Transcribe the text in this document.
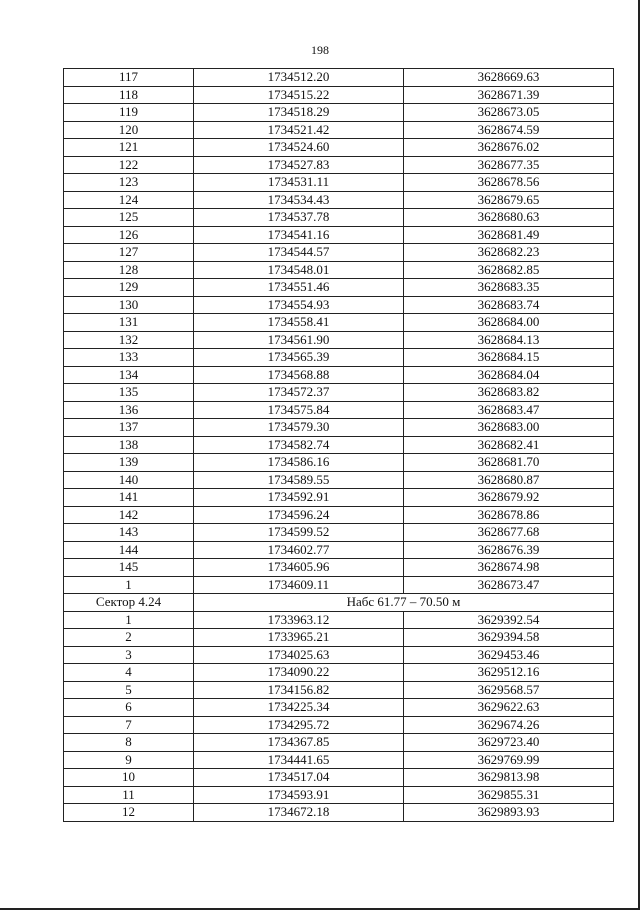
198
117	1734512.20	3628669.63
118	1734515.22	3628671.39
119	1734518.29	3628673.05
120	1734521.42	3628674.59
121	1734524.60	3628676.02
122	1734527.83	3628677.35
123	1734531.11	3628678.56
124	1734534.43	3628679.65
125	1734537.78	3628680.63
126	1734541.16	3628681.49
127	1734544.57	3628682.23
128	1734548.01	3628682.85
129	1734551.46	3628683.35
130	1734554.93	3628683.74
131	1734558.41	3628684.00
132	1734561.90	3628684.13
133	1734565.39	3628684.15
134	1734568.88	3628684.04
135	1734572.37	3628683.82
136	1734575.84	3628683.47
137	1734579.30	3628683.00
138	1734582.74	3628682.41
139	1734586.16	3628681.70
140	1734589.55	3628680.87
141	1734592.91	3628679.92
142	1734596.24	3628678.86
143	1734599.52	3628677.68
144	1734602.77	3628676.39
145	1734605.96	3628674.98
1	1734609.11	3628673.47
Сектор 4.24	Набс 61.77 – 70.50 м	
1	1733963.12	3629392.54
2	1733965.21	3629394.58
3	1734025.63	3629453.46
4	1734090.22	3629512.16
5	1734156.82	3629568.57
6	1734225.34	3629622.63
7	1734295.72	3629674.26
8	1734367.85	3629723.40
9	1734441.65	3629769.99
10	1734517.04	3629813.98
11	1734593.91	3629855.31
12	1734672.18	3629893.93
